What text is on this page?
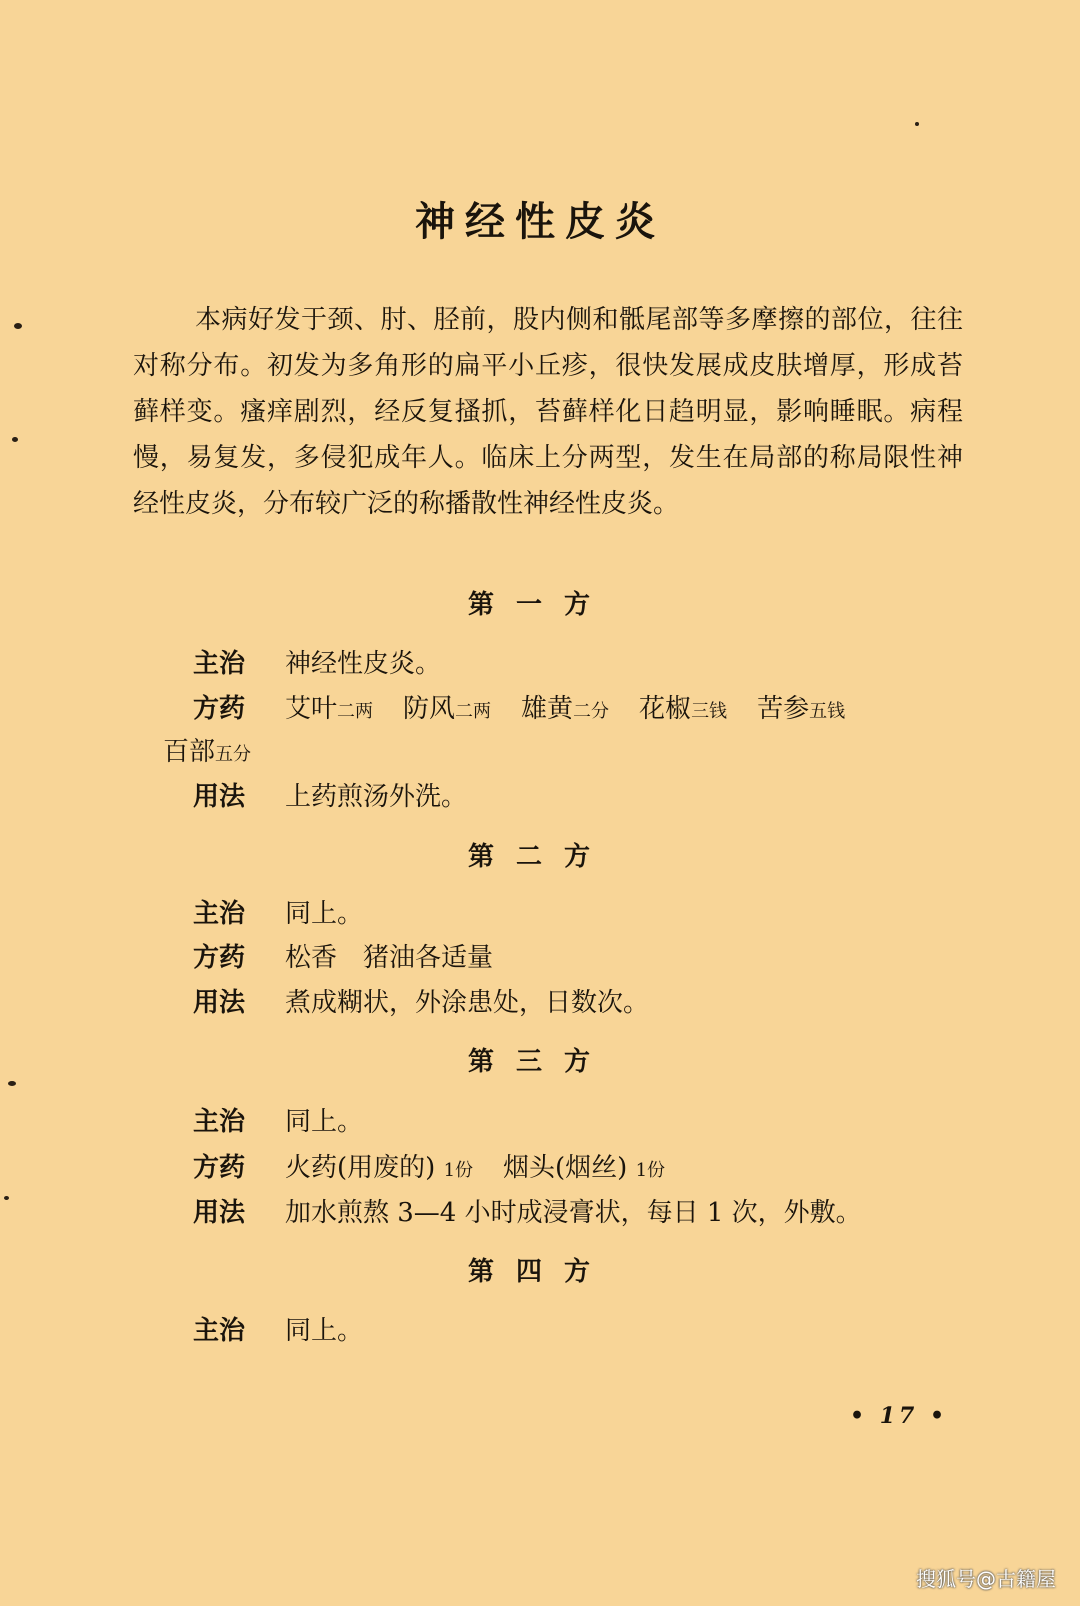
神经性皮炎

本病好发于颈、肘、胫前，股内侧和骶尾部等多摩擦的部位，往往对称分布。初发为多角形的扁平小丘疹，很快发展成皮肤增厚，形成苔藓样变。瘙痒剧烈，经反复搔抓，苔藓样化日趋明显，影响睡眠。病程慢，易复发，多侵犯成年人。临床上分两型，发生在局部的称局限性神经性皮炎，分布较广泛的称播散性神经性皮炎。

第一方
主治 神经性皮炎。
方药 艾叶二两 防风二两 雄黄二分 花椒三钱 苦参五钱
百部五分
用法 上药煎汤外洗。
第二方
主治 同上。
方药 松香　猪油各适量
用法 煮成糊状，外涂患处，日数次。
第三方
主治 同上。
方药 火药(用废的) 1份 烟头(烟丝) 1份
用法 加水煎熬 3—4 小时成浸膏状，每日 1 次，外敷。
第四方
主治 同上。
• 17 •
搜狐号@古籍屋
